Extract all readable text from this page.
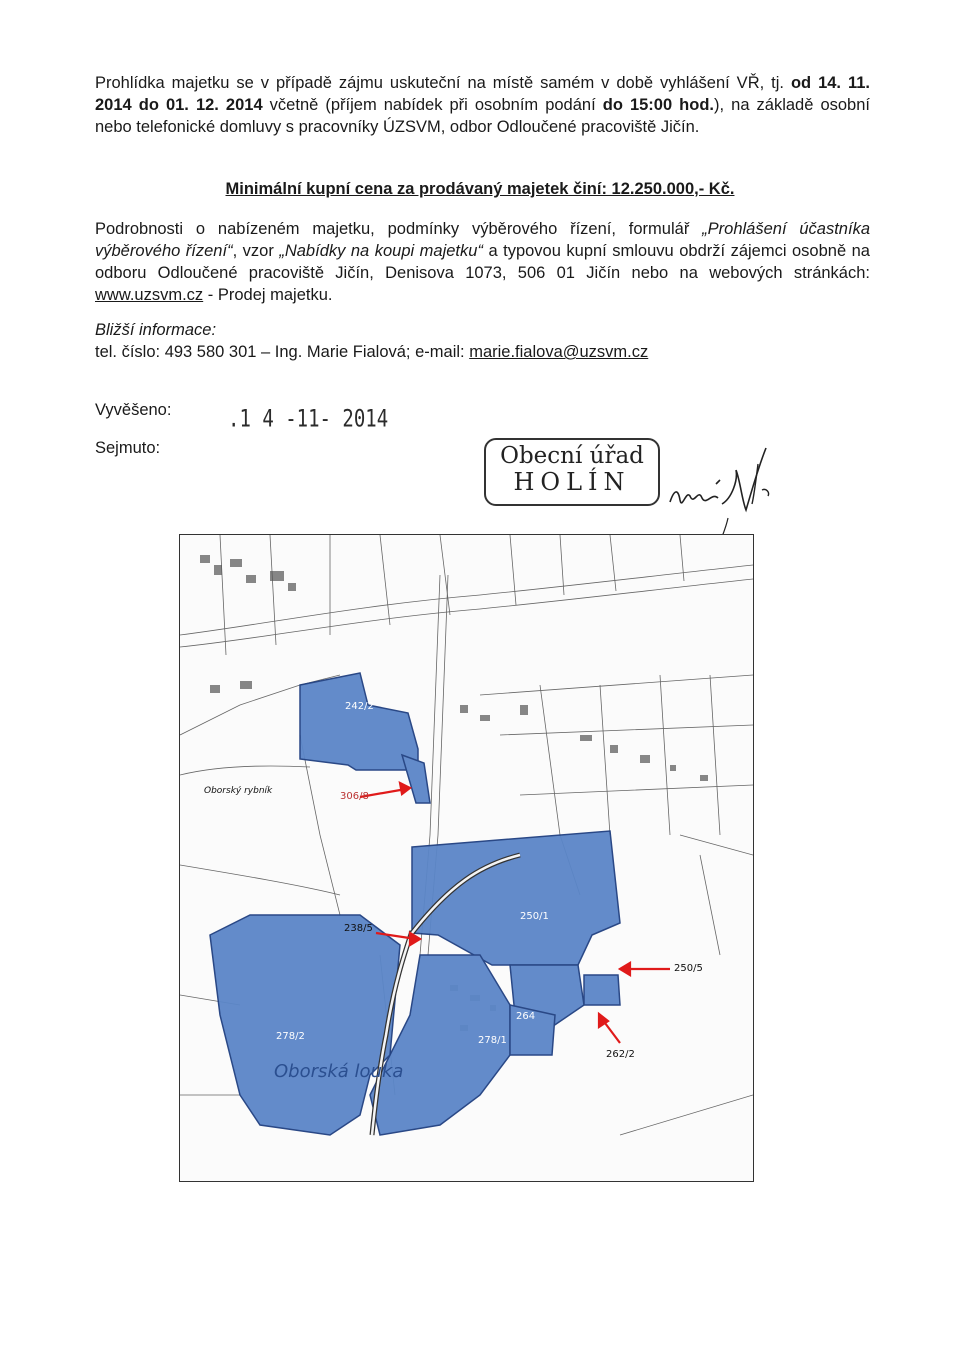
Prohlídka majetku se v případě zájmu uskuteční na místě samém v době vyhlášení VŘ, tj. od 14. 11. 2014 do 01. 12. 2014 včetně (příjem nabídek při osobním podání do 15:00 hod.), na základě osobní nebo telefonické domluvy s pracovníky ÚZSVM, odbor Odloučené pracoviště Jičín.
Minimální kupní cena za prodávaný majetek činí: 12.250.000,- Kč.
Podrobnosti o nabízeném majetku, podmínky výběrového řízení, formulář „Prohlášení účastníka výběrového řízení“, vzor „Nabídky na koupi majetku“ a typovou kupní smlouvu obdrží zájemci osobně na odboru Odloučené pracoviště Jičín, Denisova 1073, 506 01 Jičín nebo na webových stránkách: www.uzsvm.cz - Prodej majetku.
Bližší informace:
tel. číslo: 493 580 301 – Ing. Marie Fialová; e-mail: marie.fialova@uzsvm.cz
Vyvěšeno:	.1 4 -11- 2014
Sejmuto:	Obecní úřad
HOLÍN
242/2
306/8
238/5
250/1
250/5
264
278/2	278/1
262/2
Oborský rybník
Oborská louka
